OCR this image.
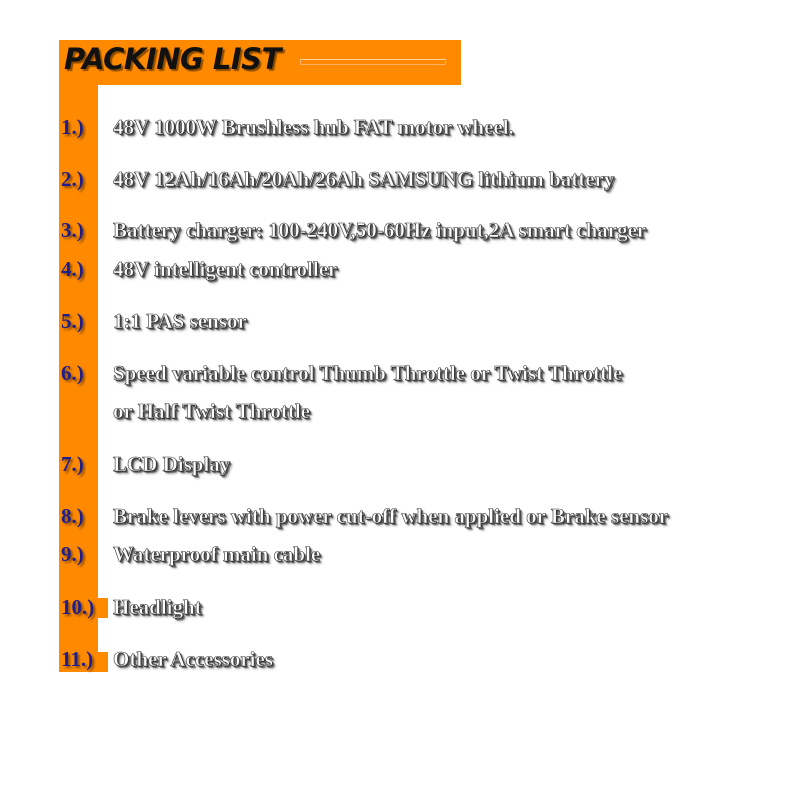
PACKING LIST
1.) 48V 1000W Brushless hub FAT motor wheel.
2.) 48V 12Ah/16Ah/20Ah/26Ah SAMSUNG lithium battery
3.) Battery charger: 100-240V,50-60Hz input,2A smart charger
4.) 48V intelligent controller
5.) 1:1 PAS sensor
6.) Speed variable control Thumb Throttle or Twist Throttle
or Half Twist Throttle
7.) LCD Display
8.) Brake levers with power cut-off when applied or Brake sensor
9.) Waterproof main cable
10.) Headlight
11.) Other Accessories
